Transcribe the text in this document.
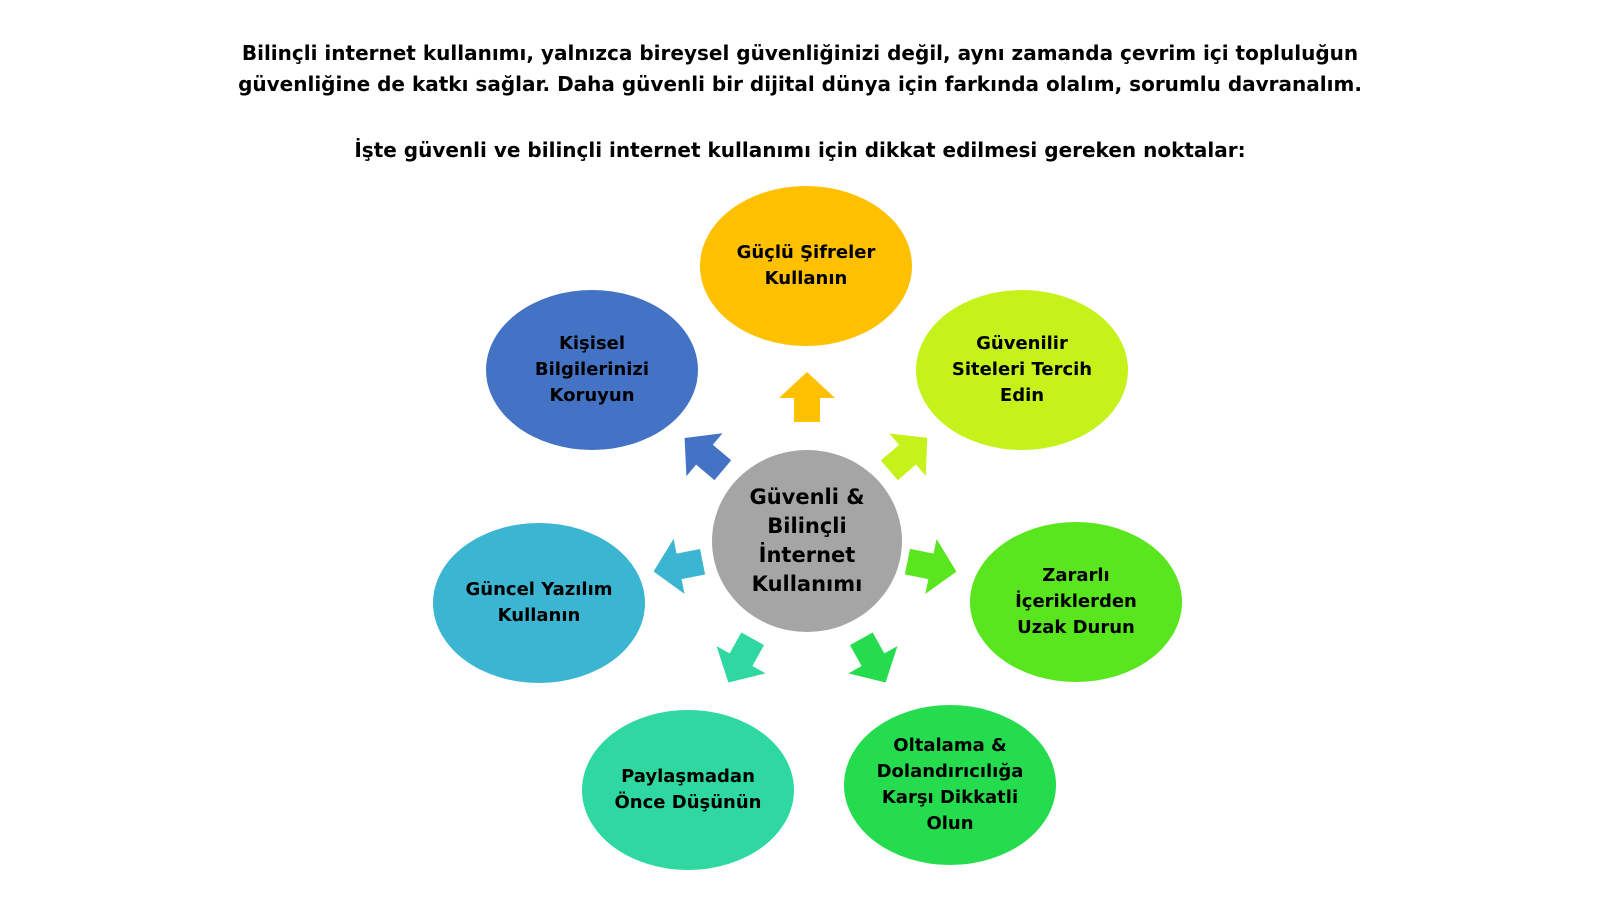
Bilinçli internet kullanımı, yalnızca bireysel güvenliğinizi değil, aynı zamanda çevrim içi topluluğun
güvenliğine de katkı sağlar. Daha güvenli bir dijital dünya için farkında olalım, sorumlu davranalım.

İşte güvenli ve bilinçli internet kullanımı için dikkat edilmesi gereken noktalar:

Güvenli &
Bilinçli
İnternet
Kullanımı
Güçlü Şifreler
Kullanın
Güvenilir
Siteleri Tercih
Edin
Zararlı
İçeriklerden
Uzak Durun
Oltalama &
Dolandırıcılığa
Karşı Dikkatli
Olun
Paylaşmadan
Önce Düşünün
Güncel Yazılım
Kullanın
Kişisel
Bilgilerinizi
Koruyun
